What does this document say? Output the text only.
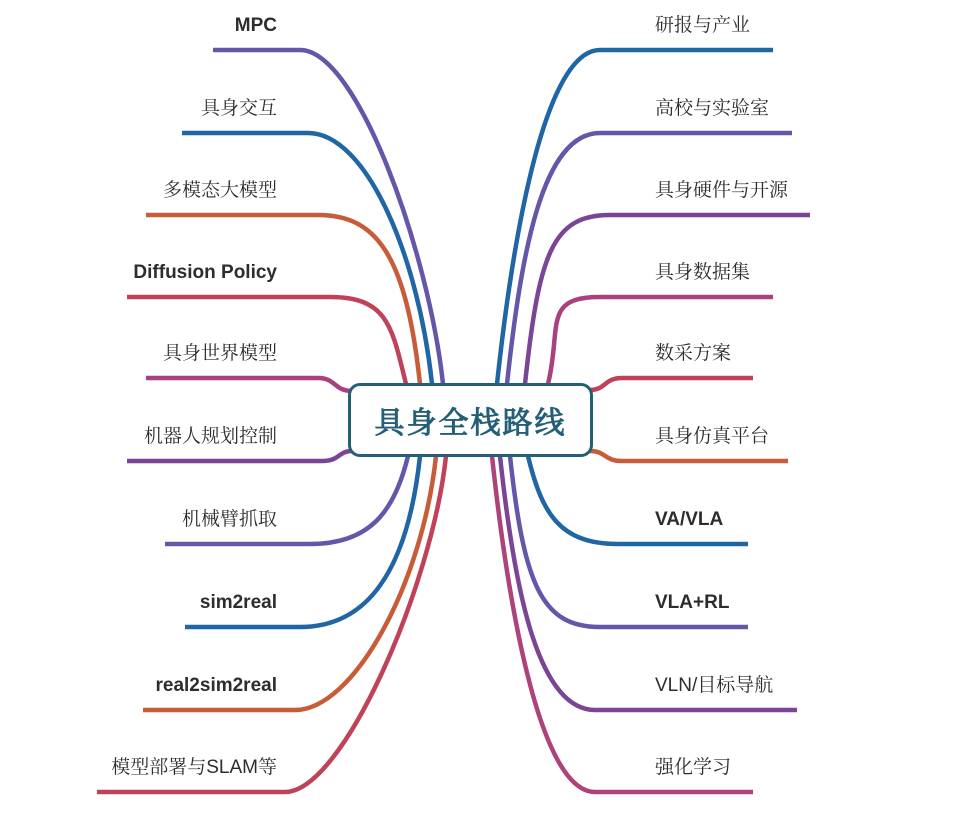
具身全栈路线
MPC
具身交互
多模态大模型
Diffusion Policy
具身世界模型
机器人规划控制
机械臂抓取
sim2real
real2sim2real
模型部署与SLAM等
研报与产业
高校与实验室
具身硬件与开源
具身数据集
数采方案
具身仿真平台
VA/VLA
VLA+RL
VLN/目标导航
强化学习
